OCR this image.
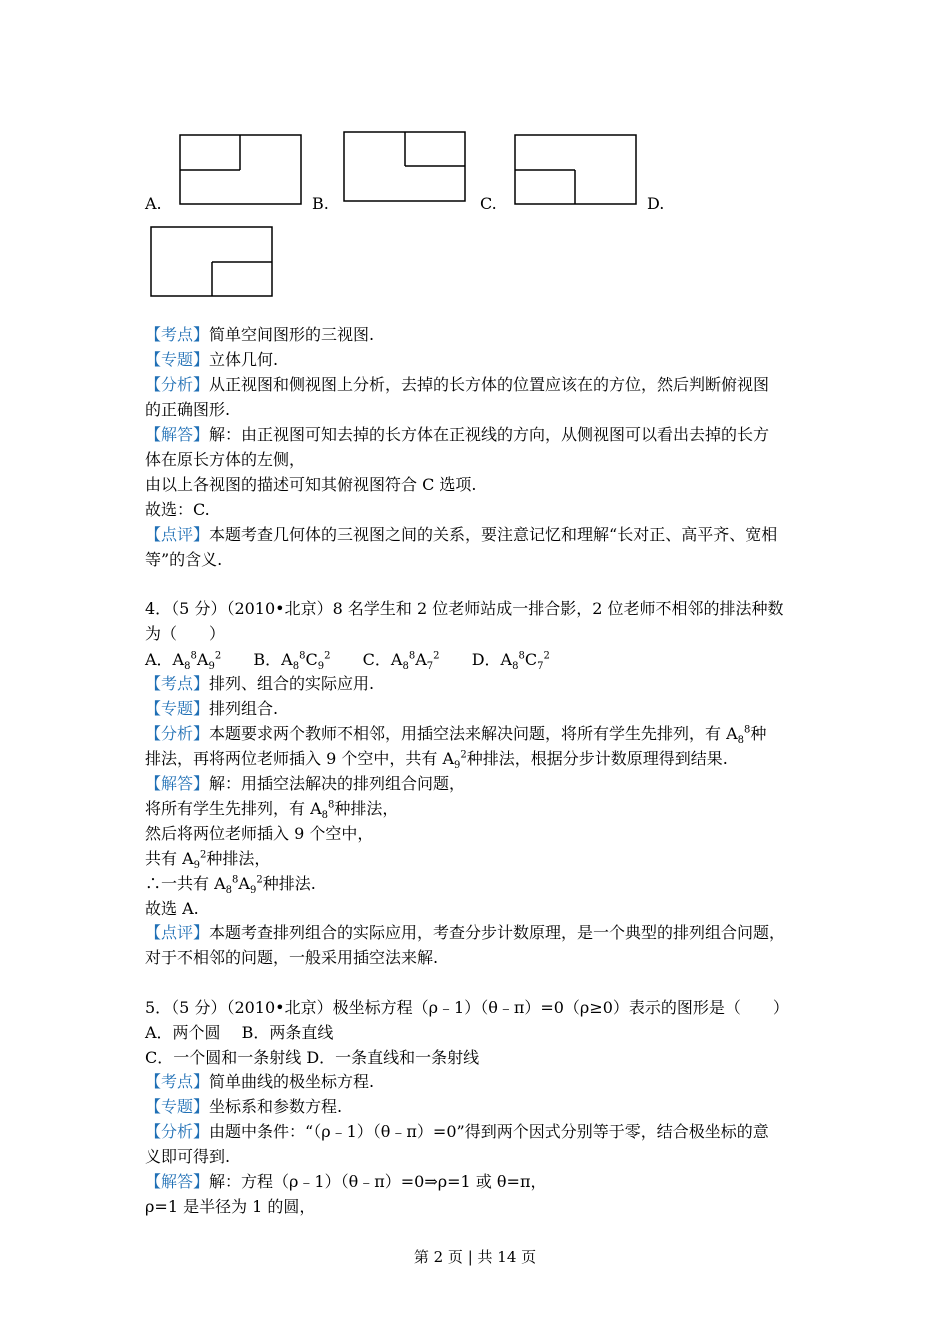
A.	B.	C.	D.
【考点】简单空间图形的三视图.
【专题】立体几何.
【分析】从正视图和侧视图上分析，去掉的长方体的位置应该在的方位，然后判断俯视图
的正确图形.
【解答】解：由正视图可知去掉的长方体在正视线的方向，从侧视图可以看出去掉的长方
体在原长方体的左侧，
由以上各视图的描述可知其俯视图符合 C 选项.
故选：C.
【点评】本题考查几何体的三视图之间的关系，要注意记忆和理解“长对正、高平齐、宽相
等”的含义.
4．（5 分）（2010•北京）8 名学生和 2 位老师站成一排合影，2 位老师不相邻的排法种数
为（　　）
A．$A_8^8A_9^2$ B．$A_8^8C_9^2$ C．$A_8^8A_7^2$ D．$A_8^8C_7^2$
【考点】排列、组合的实际应用.
【专题】排列组合.
【分析】本题要求两个教师不相邻，用插空法来解决问题，将所有学生先排列，有 $A_8^8$种
排法，再将两位老师插入 9 个空中，共有 $A_9^2$种排法，根据分步计数原理得到结果.
【解答】解：用插空法解决的排列组合问题，
将所有学生先排列，有 $A_8^8$种排法，
然后将两位老师插入 9 个空中，
共有 $A_9^2$种排法，
∴一共有 $A_8^8A_9^2$种排法.
故选 A.
【点评】本题考查排列组合的实际应用，考查分步计数原理，是一个典型的排列组合问题，
对于不相邻的问题，一般采用插空法来解.
5．（5 分）（2010•北京）极坐标方程（ρ﹣1）（θ﹣π）=0（ρ≥0）表示的图形是（　　）
A．两个圆　 B．两条直线
C．一个圆和一条射线 D．一条直线和一条射线
【考点】简单曲线的极坐标方程.
【专题】坐标系和参数方程.
【分析】由题中条件：“（ρ﹣1）（θ﹣π）=0”得到两个因式分别等于零，结合极坐标的意
义即可得到.
【解答】解：方程（ρ﹣1）（θ﹣π）=0⇒ρ=1 或 θ=π，
ρ=1 是半径为 1 的圆，
第 2 页 | 共 14 页
